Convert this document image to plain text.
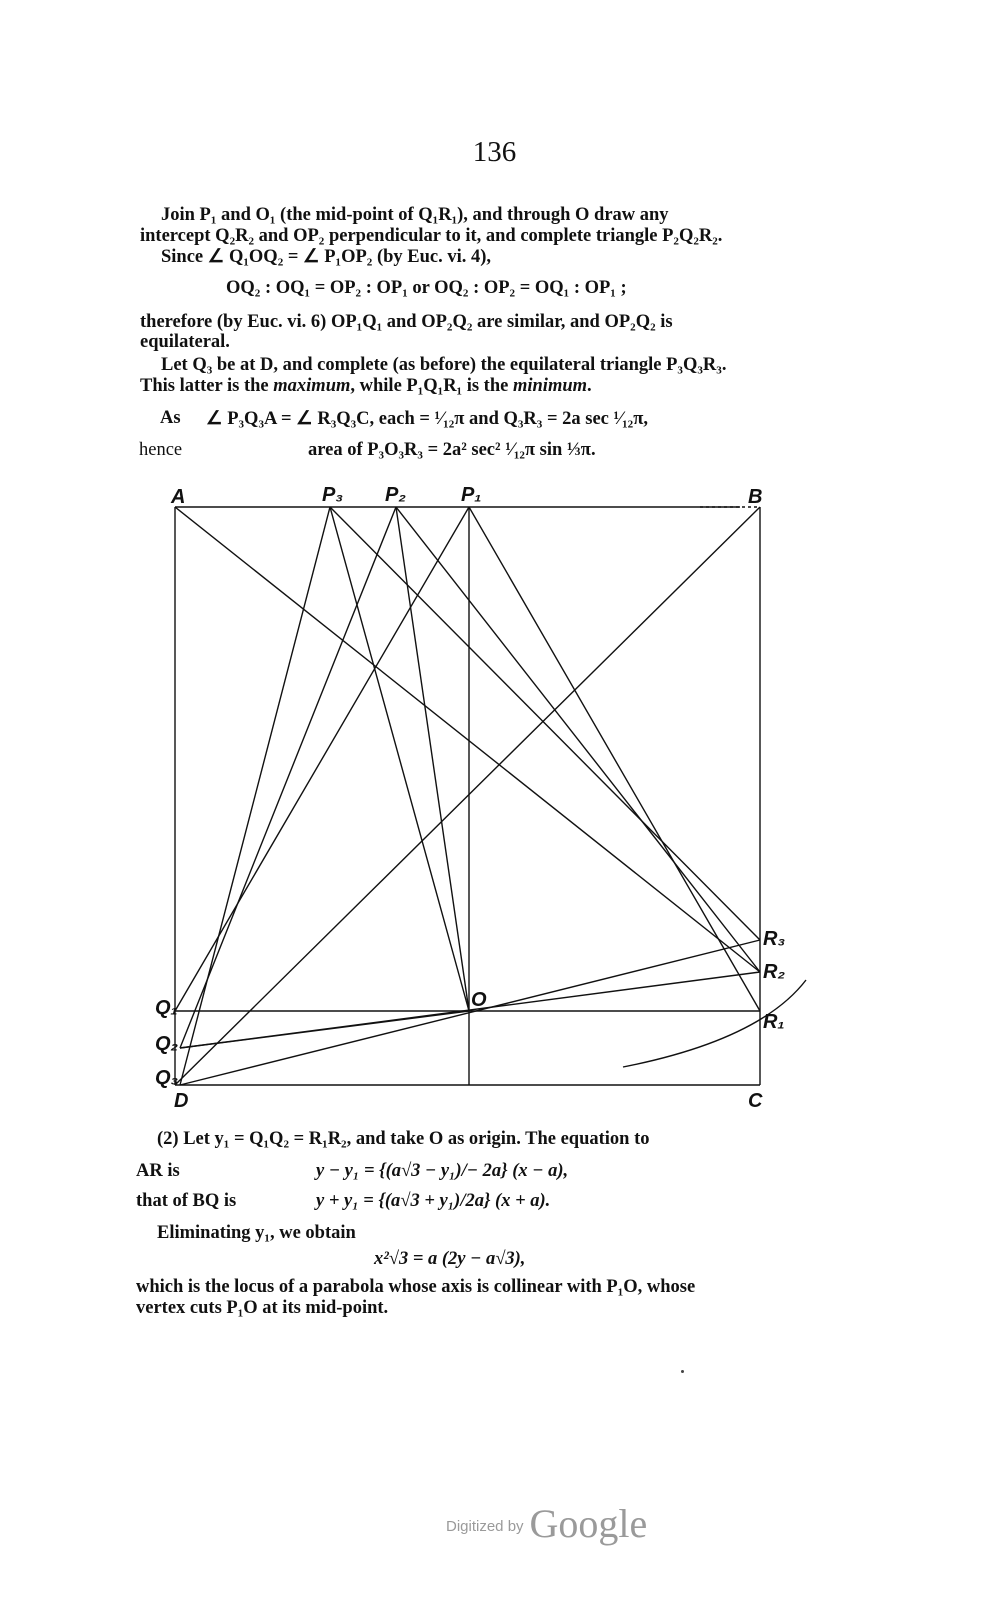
136
Join P₁ and O₁ (the mid-point of Q₁R₁), and through O draw any
intercept Q₂R₂ and OP₂ perpendicular to it, and complete triangle P₂Q₂R₂.
Since ∠ Q₁OQ₂ = ∠ P₁OP₂ (by Euc. vi. 4),
OQ₂ : OQ₁ = OP₂ : OP₁ or OQ₂ : OP₂ = OQ₁ : OP₁ ;
therefore (by Euc. vi. 6) OP₁Q₁ and OP₂Q₂ are similar, and OP₂Q₂ is
equilateral.
Let Q₃ be at D, and complete (as before) the equilateral triangle P₃Q₃R₃.
This latter is the maximum, while P₁Q₁R₁ is the minimum.
As ∠ P₃Q₃A = ∠ R₃Q₃C, each = ¹⁄₁₂π and Q₃R₃ = 2a sec ¹⁄₁₂π,
hence	area of P₃O₃R₃ = 2a² sec² ¹⁄₁₂π sin ⅓π.
A	B
C
D
O
P₁
P₂
P₃
Q₁
Q₂
Q₃
R₁
R₂
R₃
(2) Let y₁ = Q₁Q₂ = R₁R₂, and take O as origin. The equation to
AR is	y − y₁ = {(a√3 − y₁)/− 2a} (x − a),
that of BQ is	y + y₁ = {(a√3 + y₁)/2a} (x + a).
Eliminating y₁, we obtain
x²√3 = a (2y − a√3),
which is the locus of a parabola whose axis is collinear with P₁O, whose
vertex cuts P₁O at its mid-point.
Digitized by Google
